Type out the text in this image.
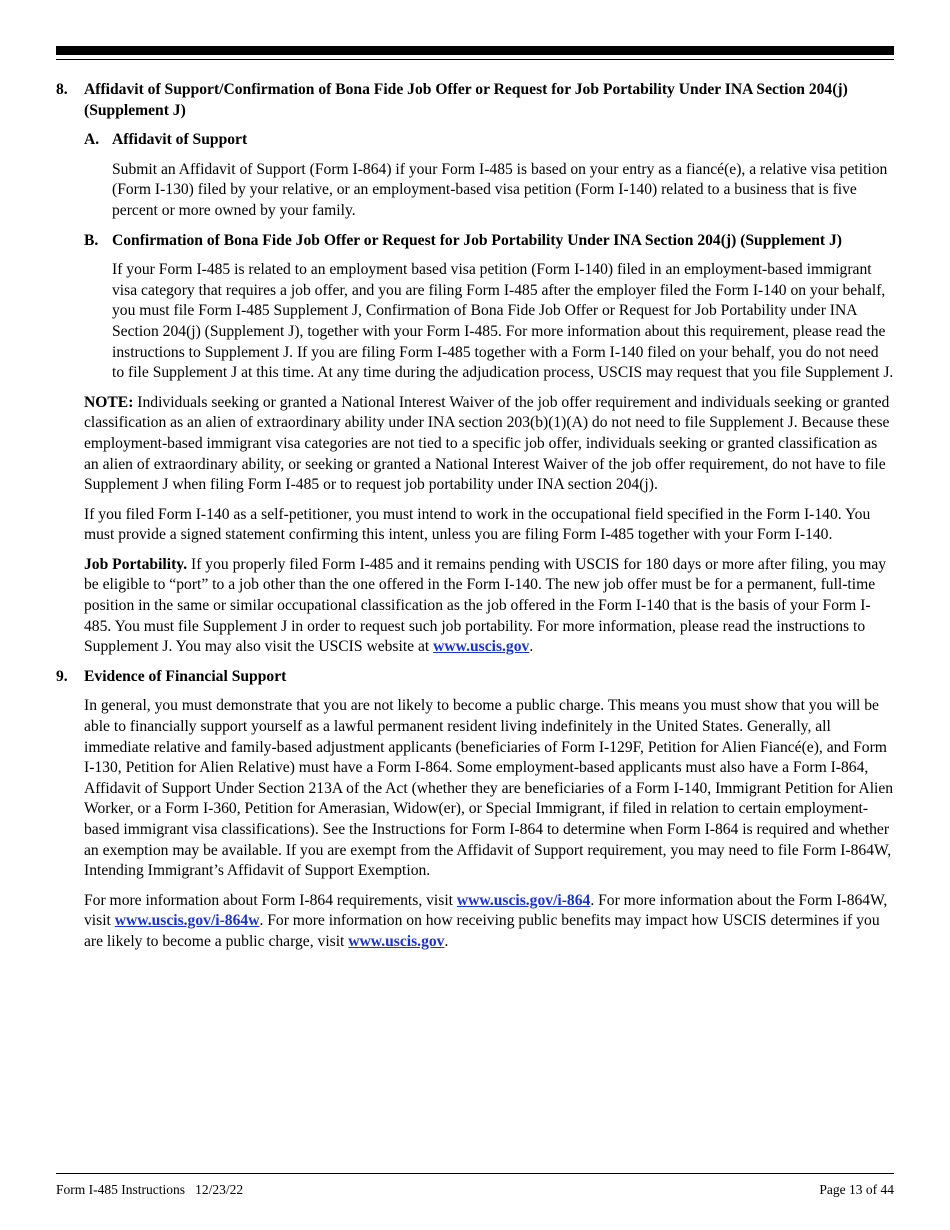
8.	Affidavit of Support/Confirmation of Bona Fide Job Offer or Request for Job Portability Under INA Section 204(j) (Supplement J)
A. Affidavit of Support

Submit an Affidavit of Support (Form I-864) if your Form I-485 is based on your entry as a fiancé(e), a relative visa petition (Form I-130) filed by your relative, or an employment-based visa petition (Form I-140) related to a business that is five percent or more owned by your family.

B. Confirmation of Bona Fide Job Offer or Request for Job Portability Under INA Section 204(j) (Supplement J)

If your Form I-485 is related to an employment based visa petition (Form I-140) filed in an employment-based immigrant visa category that requires a job offer, and you are filing Form I-485 after the employer filed the Form I-140 on your behalf, you must file Form I-485 Supplement J, Confirmation of Bona Fide Job Offer or Request for Job Portability under INA Section 204(j) (Supplement J), together with your Form I-485. For more information about this requirement, please read the instructions to Supplement J. If you are filing Form I-485 together with a Form I-140 filed on your behalf, you do not need to file Supplement J at this time. At any time during the adjudication process, USCIS may request that you file Supplement J.

NOTE: Individuals seeking or granted a National Interest Waiver of the job offer requirement and individuals seeking or granted classification as an alien of extraordinary ability under INA section 203(b)(1)(A) do not need to file Supplement J. Because these employment-based immigrant visa categories are not tied to a specific job offer, individuals seeking or granted classification as an alien of extraordinary ability, or seeking or granted a National Interest Waiver of the job offer requirement, do not have to file Supplement J when filing Form I-485 or to request job portability under INA section 204(j).

If you filed Form I-140 as a self-petitioner, you must intend to work in the occupational field specified in the Form I-140. You must provide a signed statement confirming this intent, unless you are filing Form I-485 together with your Form I-140.

Job Portability. If you properly filed Form I-485 and it remains pending with USCIS for 180 days or more after filing, you may be eligible to “port” to a job other than the one offered in the Form I-140. The new job offer must be for a permanent, full-time position in the same or similar occupational classification as the job offered in the Form I-140 that is the basis of your Form I-485. You must file Supplement J in order to request such job portability. For more information, please read the instructions to Supplement J. You may also visit the USCIS website at www.uscis.gov.

9.	Evidence of Financial Support

In general, you must demonstrate that you are not likely to become a public charge. This means you must show that you will be able to financially support yourself as a lawful permanent resident living indefinitely in the United States. Generally, all immediate relative and family-based adjustment applicants (beneficiaries of Form I-129F, Petition for Alien Fiancé(e), and Form I-130, Petition for Alien Relative) must have a Form I-864. Some employment-based applicants must also have a Form I-864, Affidavit of Support Under Section 213A of the Act (whether they are beneficiaries of a Form I-140, Immigrant Petition for Alien Worker, or a Form I-360, Petition for Amerasian, Widow(er), or Special Immigrant, if filed in relation to certain employment-based immigrant visa classifications). See the Instructions for Form I-864 to determine when Form I-864 is required and whether an exemption may be available. If you are exempt from the Affidavit of Support requirement, you may need to file Form I-864W, Intending Immigrant’s Affidavit of Support Exemption.

For more information about Form I-864 requirements, visit www.uscis.gov/i-864. For more information about the Form I-864W, visit www.uscis.gov/i-864w. For more information on how receiving public benefits may impact how USCIS determines if you are likely to become a public charge, visit www.uscis.gov.

Form I-485 Instructions   12/23/22	Page 13 of 44
